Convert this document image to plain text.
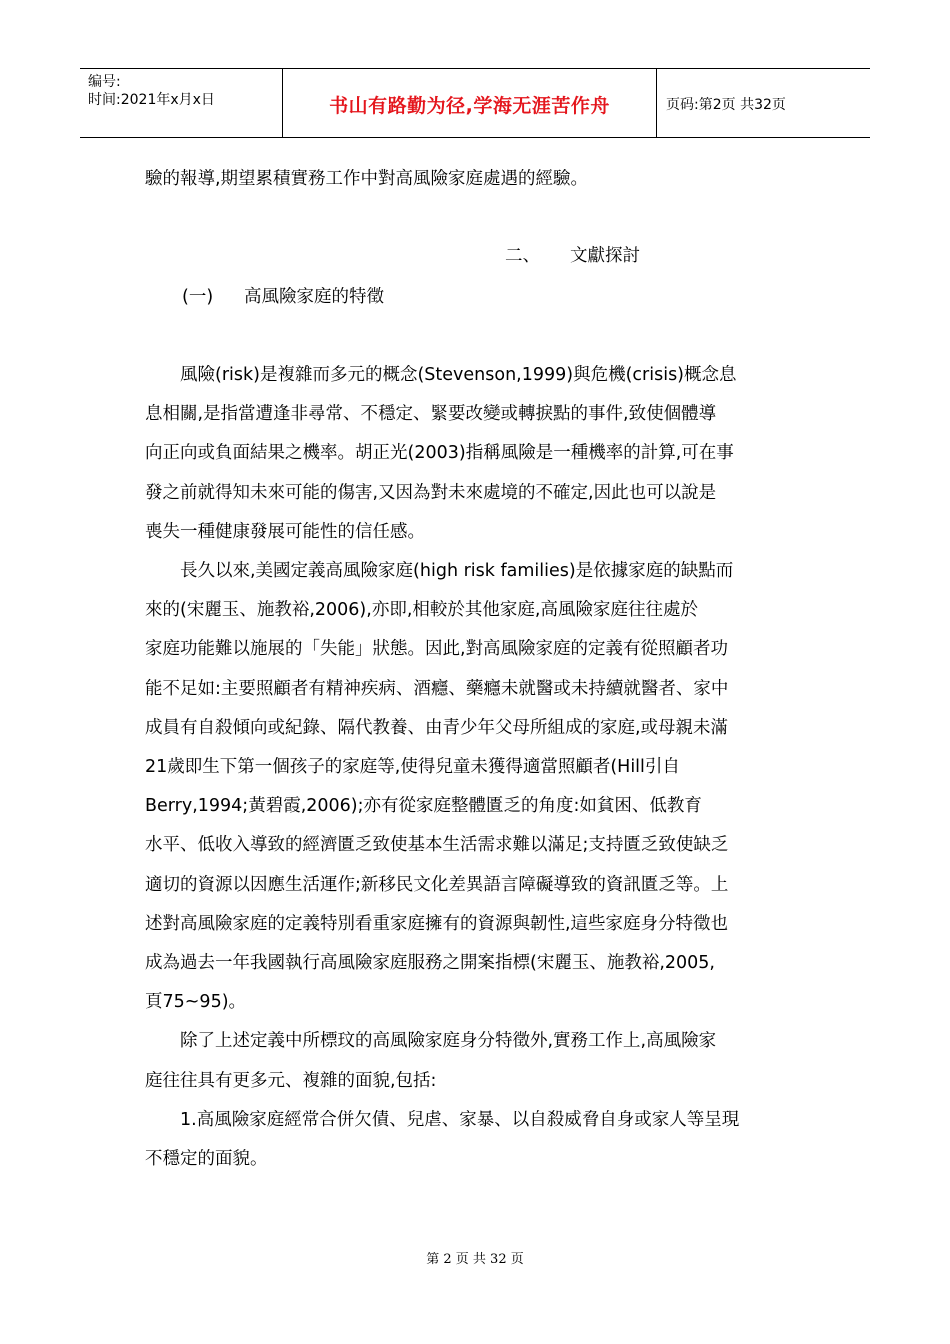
编号:
时间:2021年x月x日	书山有路勤为径,学海无涯苦作舟	页码:第2页 共32页
二、 文獻探討
(一) 高風險家庭的特徵

驗的報導,期望累積實務工作中對高風險家庭處遇的經驗。

風險(risk)是複雜而多元的概念(Stevenson,1999)與危機(crisis)概念息

息相關,是指當遭逢非尋常、不穩定、緊要改變或轉捩點的事件,致使個體導

向正向或負面結果之機率。胡正光(2003)指稱風險是一種機率的計算,可在事

發之前就得知未來可能的傷害,又因為對未來處境的不確定,因此也可以說是

喪失一種健康發展可能性的信任感。

長久以來,美國定義高風險家庭(high risk families)是依據家庭的缺點而

來的(宋麗玉、施教裕,2006),亦即,相較於其他家庭,高風險家庭往往處於

家庭功能難以施展的「失能」狀態。因此,對高風險家庭的定義有從照顧者功

能不足如:主要照顧者有精神疾病、酒癮、藥癮未就醫或未持續就醫者、家中

成員有自殺傾向或紀錄、隔代教養、由青少年父母所組成的家庭,或母親未滿

21歲即生下第一個孩子的家庭等,使得兒童未獲得適當照顧者(Hill引自

Berry,1994;黃碧霞,2006);亦有從家庭整體匱乏的角度:如貧困、低教育

水平、低收入導致的經濟匱乏致使基本生活需求難以滿足;支持匱乏致使缺乏

適切的資源以因應生活運作;新移民文化差異語言障礙導致的資訊匱乏等。上

述對高風險家庭的定義特別看重家庭擁有的資源與韌性,這些家庭身分特徵也

成為過去一年我國執行高風險家庭服務之開案指標(宋麗玉、施教裕,2005,

頁75~95)。

除了上述定義中所標玟的高風險家庭身分特徵外,實務工作上,高風險家

庭往往具有更多元、複雜的面貌,包括:

1.高風險家庭經常合併欠債、兒虐、家暴、以自殺威脅自身或家人等呈現

不穩定的面貌。

第 2 页 共 32 页
